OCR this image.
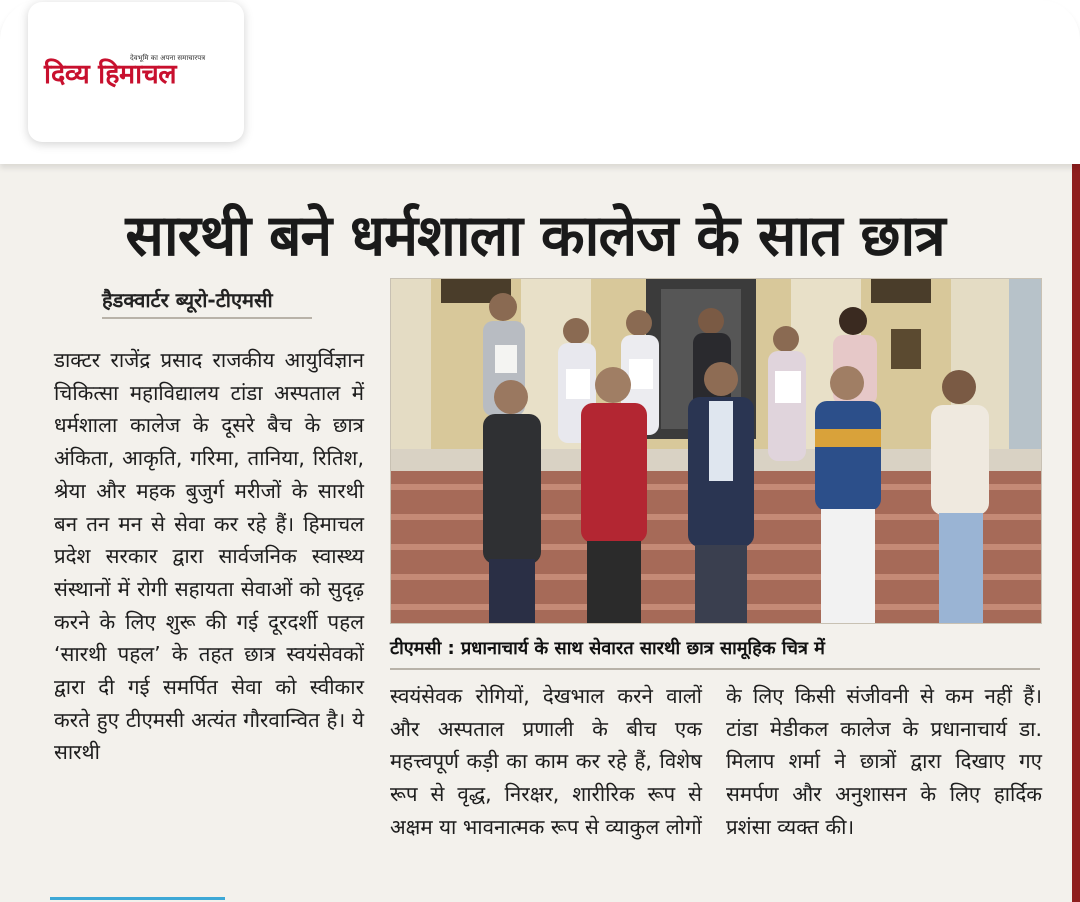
देवभूमि का अपना समाचारपत्र
दिव्य हिमाचल
सारथी बने धर्मशाला कालेज के सात छात्र
हैडक्वार्टर ब्यूरो-टीएमसी
डाक्टर राजेंद्र प्रसाद राजकीय आयुर्विज्ञान चिकित्सा महाविद्यालय टांडा अस्पताल में धर्मशाला कालेज के दूसरे बैच के छात्र अंकिता, आकृति, गरिमा, तानिया, रितिश, श्रेया और महक बुजुर्ग मरीजों के सारथी बन तन मन से सेवा कर रहे हैं। हिमाचल प्रदेश सरकार द्वारा सार्वजनिक स्वास्थ्य संस्थानों में रोगी सहायता सेवाओं को सुदृढ़ करने के लिए शुरू की गई दूरदर्शी पहल ‘सारथी पहल’ के तहत छात्र स्वयंसेवकों द्वारा दी गई समर्पित सेवा को स्वीकार करते हुए टीएमसी अत्यंत गौरवान्वित है। ये सारथी
टीएमसी : प्रधानाचार्य के साथ सेवारत सारथी छात्र सामूहिक चित्र में
स्वयंसेवक रोगियों, देखभाल करने वालों और अस्पताल प्रणाली के बीच एक महत्त्वपूर्ण कड़ी का काम कर रहे हैं, विशेष रूप से वृद्ध, निरक्षर, शारीरिक रूप से अक्षम या भावनात्मक रूप से व्याकुल लोगों
के लिए किसी संजीवनी से कम नहीं हैं। टांडा मेडीकल कालेज के प्रधानाचार्य डा. मिलाप शर्मा ने छात्रों द्वारा दिखाए गए समर्पण और अनुशासन के लिए हार्दिक प्रशंसा व्यक्त की।
